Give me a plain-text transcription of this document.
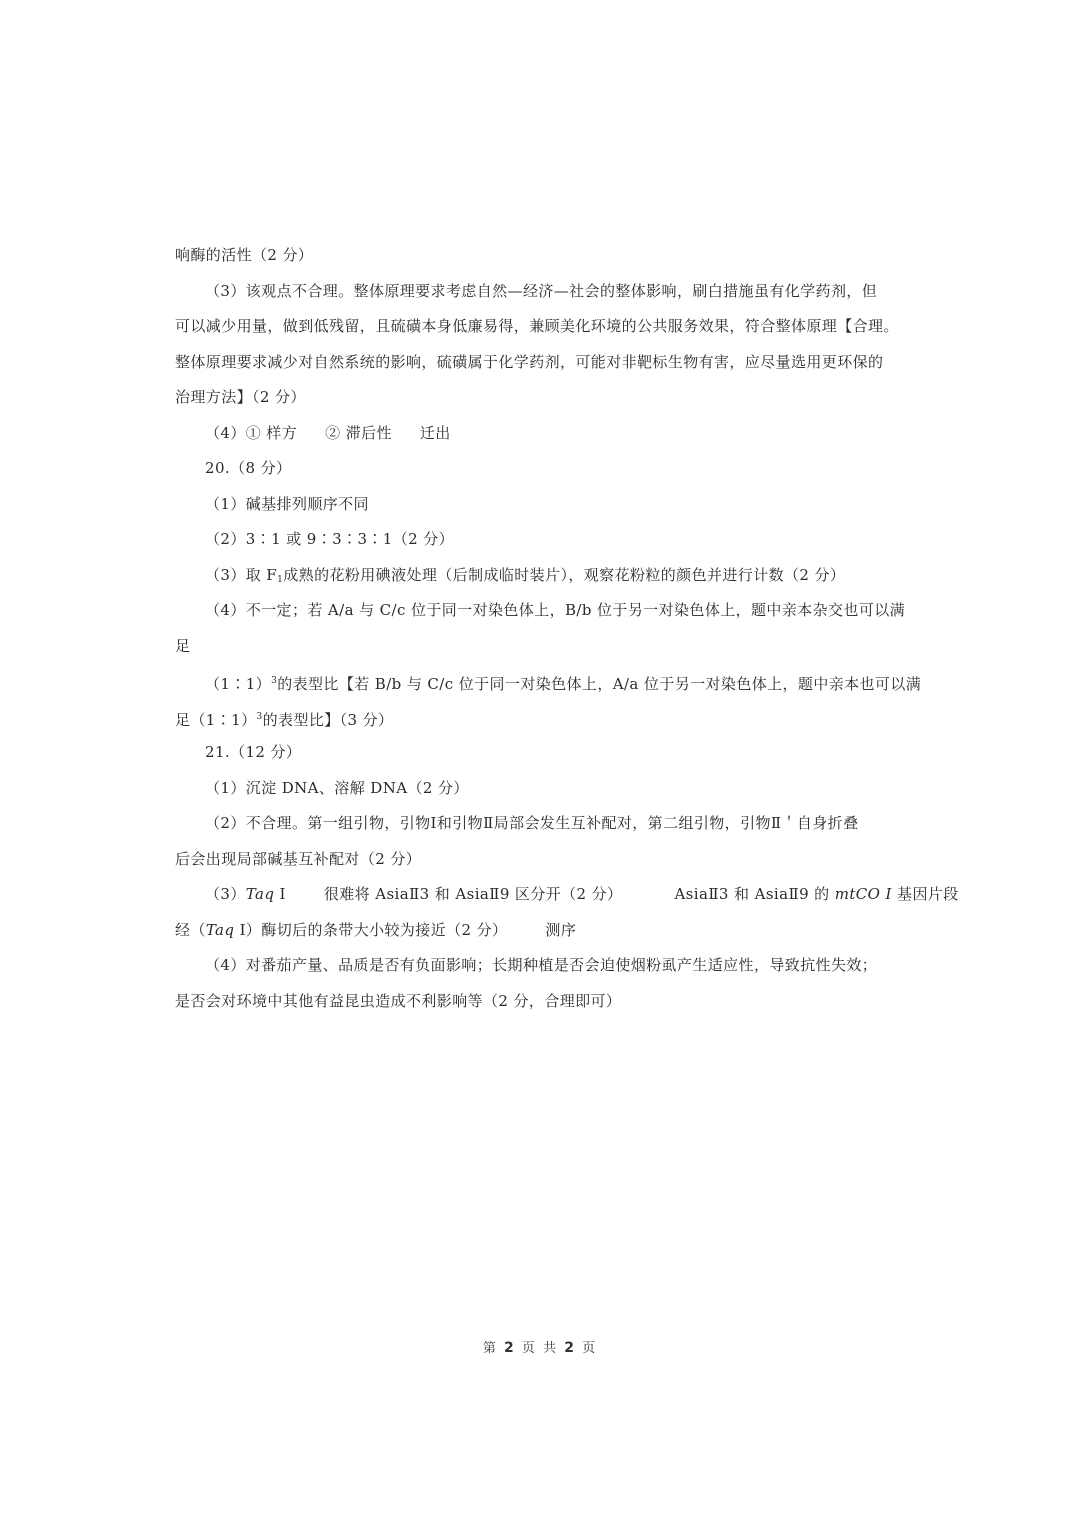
响酶的活性（2 分）
（3）该观点不合理。整体原理要求考虑自然—经济—社会的整体影响，刷白措施虽有化学药剂，但
可以减少用量，做到低残留，且硫磺本身低廉易得，兼顾美化环境的公共服务效果，符合整体原理【合理。
整体原理要求减少对自然系统的影响，硫磺属于化学药剂，可能对非靶标生物有害，应尽量选用更环保的
治理方法】（2 分）
（4）① 样方 ② 滞后性 迁出
20.（8 分）
（1）碱基排列顺序不同
（2）3∶1 或 9∶3∶3∶1（2 分）
（3）取 $F_1$成熟的花粉用碘液处理（后制成临时装片），观察花粉粒的颜色并进行计数（2 分）
（4）不一定；若 A/a 与 C/c 位于同一对染色体上，B/b 位于另一对染色体上，题中亲本杂交也可以满
足
（1∶1）$^3$的表型比【若 B/b 与 C/c 位于同一对染色体上，A/a 位于另一对染色体上，题中亲本也可以满
足（1∶1）$^3$的表型比】（3 分）
21.（12 分）
（1）沉淀 DNA、溶解 DNA（2 分）
（2）不合理。第一组引物，引物Ⅰ和引物Ⅱ局部会发生互补配对，第二组引物，引物Ⅱ＇自身折叠
后会出现局部碱基互补配对（2 分）
（3）Taq Ⅰ	很难将 AsiaⅡ3 和 AsiaⅡ9 区分开（2 分）	AsiaⅡ3 和 AsiaⅡ9 的 mtCO I 基因片段
经（Taq Ⅰ）酶切后的条带大小较为接近（2 分）	测序
（4）对番茄产量、品质是否有负面影响；长期种植是否会迫使烟粉虱产生适应性，导致抗性失效；
是否会对环境中其他有益昆虫造成不利影响等（2 分，合理即可）
第 2 页 共 2 页
